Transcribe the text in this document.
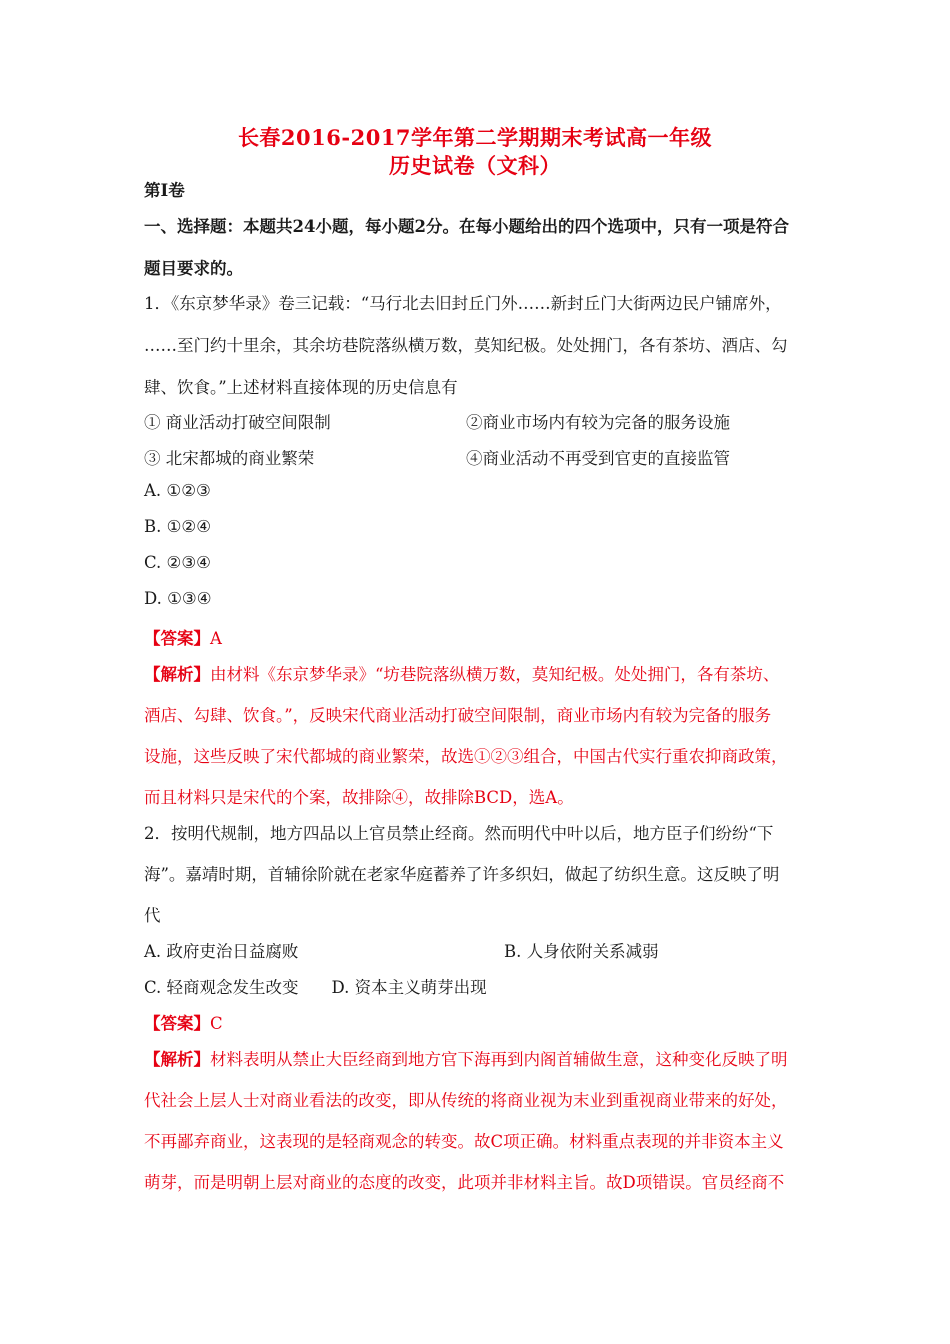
长春2016-2017学年第二学期期末考试高一年级
历史试卷（文科）
第Ⅰ卷
一、选择题：本题共24小题，每小题2分。在每小题给出的四个选项中，只有一项是符合
题目要求的。
1．《东京梦华录》卷三记载：“马行北去旧封丘门外……新封丘门大街两边民户铺席外，
……至门约十里余，其余坊巷院落纵横万数，莫知纪极。处处拥门，各有茶坊、酒店、勾
肆、饮食。”上述材料直接体现的历史信息有
① 商业活动打破空间限制	②商业市场内有较为完备的服务设施
③ 北宋都城的商业繁荣	④商业活动不再受到官吏的直接监管
A. ①②③
B. ①②④
C. ②③④
D. ①③④
【答案】A
【解析】由材料《东京梦华录》“坊巷院落纵横万数，莫知纪极。处处拥门，各有茶坊、
酒店、勾肆、饮食。”，反映宋代商业活动打破空间限制，商业市场内有较为完备的服务
设施，这些反映了宋代都城的商业繁荣，故选①②③组合，中国古代实行重农抑商政策，
而且材料只是宋代的个案，故排除④，故排除BCD，选A。
2．按明代规制，地方四品以上官员禁止经商。然而明代中叶以后，地方臣子们纷纷“下
海”。嘉靖时期，首辅徐阶就在老家华庭蓄养了许多织妇，做起了纺织生意。这反映了明
代
A. 政府吏治日益腐败	B. 人身依附关系减弱
C. 轻商观念发生改变　　D. 资本主义萌芽出现
【答案】C
【解析】材料表明从禁止大臣经商到地方官下海再到内阁首辅做生意，这种变化反映了明
代社会上层人士对商业看法的改变，即从传统的将商业视为末业到重视商业带来的好处，
不再鄙弃商业，这表现的是轻商观念的转变。故C项正确。材料重点表现的并非资本主义
萌芽，而是明朝上层对商业的态度的改变，此项并非材料主旨。故D项错误。官员经商不
